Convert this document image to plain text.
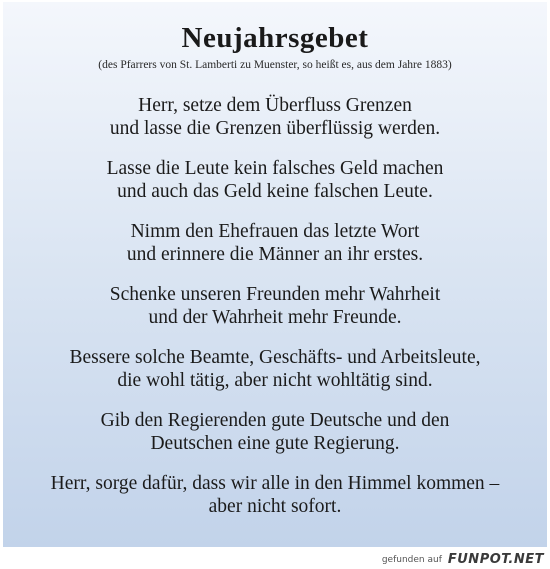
Neujahrsgebet
(des Pfarrers von St. Lamberti zu Muenster, so heißt es, aus dem Jahre 1883)
Herr, setze dem Überfluss Grenzen
und lasse die Grenzen überflüssig werden.
Lasse die Leute kein falsches Geld machen
und auch das Geld keine falschen Leute.
Nimm den Ehefrauen das letzte Wort
und erinnere die Männer an ihr erstes.
Schenke unseren Freunden mehr Wahrheit
und der Wahrheit mehr Freunde.
Bessere solche Beamte, Geschäfts- und Arbeitsleute,
die wohl tätig, aber nicht wohltätig sind.
Gib den Regierenden gute Deutsche und den
Deutschen eine gute Regierung.
Herr, sorge dafür, dass wir alle in den Himmel kommen –
aber nicht sofort.
gefunden auf FUNPOT.NET
